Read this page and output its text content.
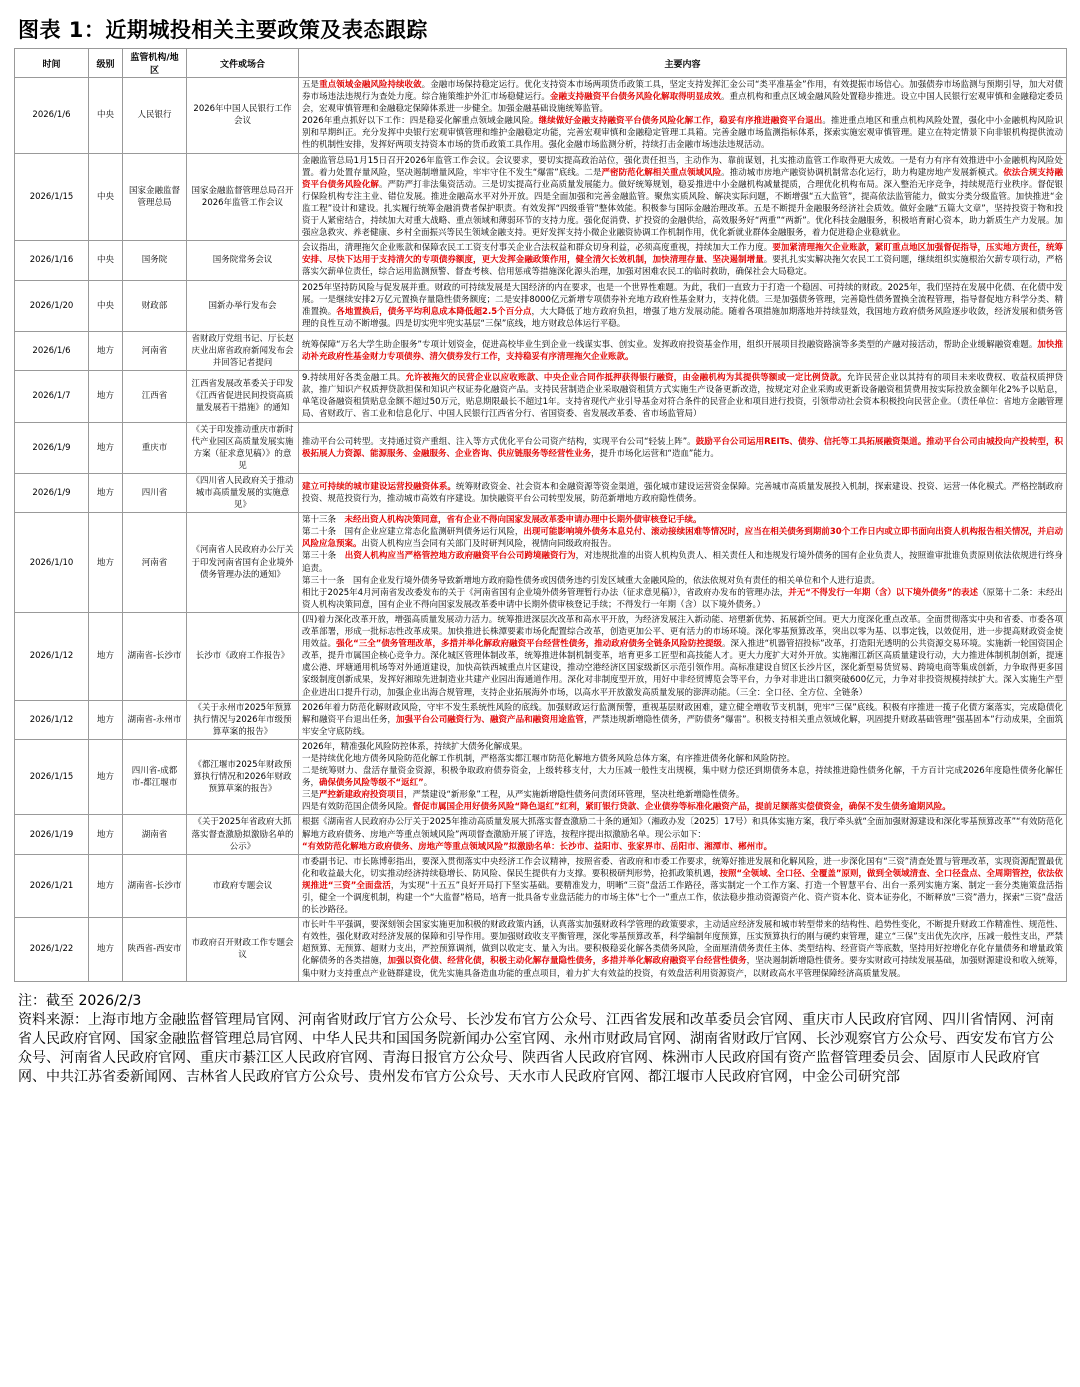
图表 1：近期城投相关主要政策及表态跟踪
时间	级别	监管机构/地区	文件或场合	主要内容
2026/1/6	中央	人民银行	2026年中国人民银行工作会议	五是重点领域金融风险持续收敛。金融市场保持稳定运行。优化支持资本市场两项货币政策工具，坚定支持发挥汇金公司“类平准基金”作用，有效提振市场信心。加强债券市场监测与预期引导，加大对债券市场违法违规行为查处力度。综合施策维护外汇市场稳健运行。金融支持融资平台债务风险化解取得明显成效。重点机构和重点区域金融风险处置稳步推进。设立中国人民银行宏观审慎和金融稳定委员会，宏观审慎管理和金融稳定保障体系进一步健全。加强金融基础设施统筹监管。
2026年重点抓好以下工作：四是稳妥化解重点领域金融风险。继续做好金融支持融资平台债务风险化解工作，稳妥有序推进融资平台退出。推进重点地区和重点机构风险处置，强化中小金融机构风险识别和早期纠正。充分发挥中央银行宏观审慎管理和维护金融稳定功能，完善宏观审慎和金融稳定管理工具箱。完善金融市场监测指标体系，探索实施宏观审慎管理。建立在特定情景下向非银机构提供流动性的机制性安排，发挥好两项支持资本市场的货币政策工具作用。强化金融市场监测分析，持续打击金融市场违法违规活动。
2026/1/15	中央	国家金融监督管理总局	国家金融监督管理总局召开2026年监管工作会议	金融监管总局1月15日召开2026年监管工作会议。会议要求，要切实提高政治站位，强化责任担当，主动作为、靠前谋划，扎实推动监管工作取得更大成效。一是有力有序有效推进中小金融机构风险处置。着力处置存量风险，坚决遏制增量风险，牢牢守住不发生“爆雷”底线。二是严密防范化解相关重点领域风险。推动城市房地产融资协调机制常态化运行，助力构建房地产发展新模式。依法合规支持融资平台债务风险化解。严防严打非法集资活动。三是切实提高行业高质量发展能力。做好统筹规划，稳妥推进中小金融机构减量提质，合理优化机构布局。深入整治无序竞争，持续规范行业秩序。督促银行保险机构专注主业、错位发展。推进金融高水平对外开放。四是全面加强和完善金融监管。聚焦实质风险、解决实际问题，不断增强“五大监管”，提高依法监管能力，做实分类分级监管。加快推进“金监工程”设计和建设。扎实履行统筹金融消费者保护职责。有效发挥“四级垂管”整体效能。积极参与国际金融治理改革。五是不断提升金融服务经济社会质效。做好金融“五篇大文章”，坚持投资于物和投资于人紧密结合，持续加大对重大战略、重点领域和薄弱环节的支持力度。强化促消费、扩投资的金融供给，高效服务好“两重”“两新”。优化科技金融服务，积极培育耐心资本，助力新质生产力发展。加强应急救灾、养老健康、乡村全面振兴等民生领域金融支持。更好发挥支持小微企业融资协调工作机制作用，优化新就业群体金融服务，着力促进稳企业稳就业。
2026/1/16	中央	国务院	国务院常务会议	会议指出，清理拖欠企业账款和保障农民工工资支付事关企业合法权益和群众切身利益，必须高度重视，持续加大工作力度。要加紧清理拖欠企业账款，紧盯重点地区加强督促指导，压实地方责任，统筹安排、尽快下达用于支持清欠的专项债券额度，更大发挥金融政策作用，健全清欠长效机制，加快清理存量、坚决遏制增量。要扎扎实实解决拖欠农民工工资问题，继续组织实施根治欠薪专项行动，严格落实欠薪单位责任，综合运用监测预警、督查考核、信用惩戒等措施深化源头治理，加强对困难农民工的临时救助，确保社会大局稳定。
2026/1/20	中央	财政部	国新办举行发布会	2025年坚持防风险与促发展并重。财政的可持续发展是大国经济的内在要求，也是一个世界性难题。为此，我们一直致力于打造一个稳固、可持续的财政。2025年，我们坚持在发展中化债、在化债中发展。一是继续安排2万亿元置换存量隐性债务额度；二是安排8000亿元新增专项债券补充地方政府性基金财力，支持化债。三是加强债务管理，完善隐性债务置换全流程管理，指导督促地方科学分类、精准置换。各地置换后，债务平均利息成本降低超2.5个百分点，大大降低了地方政府负担，增强了地方发展动能。随着各项措施加期落地并持续显效，我国地方政府债务风险逐步收敛，经济发展和债务管理的良性互动不断增强。四是切实兜牢兜实基层“三保”底线，地方财政总体运行平稳。
2026/1/6	地方	河南省	省财政厅党组书记、厅长赵庆业出席省政府新闻发布会并回答记者提问	统筹保障“万名大学生助企服务”专项计划资金，促进高校毕业生到企业一线谋实事、创实业。发挥政府投资基金作用，组织开展项目投融资路演等多类型的产融对接活动，帮助企业缓解融资难题。加快推动补充政府性基金财力专项债券、清欠债券发行工作，支持稳妥有序清理拖欠企业账款。
2026/1/7	地方	江西省	江西省发展改革委关于印发《江西省促进民间投资高质量发展若干措施》的通知	9.持续用好各类金融工具。允许被拖欠的民营企业以应收账款、中央企业合同作抵押获得银行融资，由金融机构为其提供等额或一定比例贷款。允许民营企业以其持有的项目未来收费权、收益权质押贷款，推广知识产权质押贷款担保和知识产权证券化融资产品。支持民营制造企业采取融资租赁方式实施生产设备更新改造，按规定对企业采购或更新设备融资租赁费用按实际投放金额年化2%予以贴息，单笔设备融资租赁贴息金额不超过50万元，贴息期限最长不超过1年。支持省现代产业引导基金对符合条件的民营企业和项目进行投资，引领带动社会资本积极投向民营企业。（责任单位：省地方金融管理局、省财政厅、省工业和信息化厅、中国人民银行江西省分行、省国资委、省发展改革委、省市场监管局）
2026/1/9	地方	重庆市	《关于印发推动重庆市新时代产业园区高质量发展实施方案（征求意见稿）》的意见	推动平台公司转型。支持通过资产重组、注入等方式优化平台公司资产结构，实现平台公司“轻装上阵”。鼓励平台公司运用REITs、债券、信托等工具拓展融资渠道。推动平台公司由城投向产投转型，积极拓展人力资源、能源服务、金融服务、企业咨询、供应链服务等经营性业务，提升市场化运营和“造血”能力。
2026/1/9	地方	四川省	《四川省人民政府关于推动城市高质量发展的实施意见》	建立可持续的城市建设运营投融资体系。统筹财政资金、社会资本和金融资源等资金渠道，强化城市建设运营资金保障。完善城市高质量发展投入机制，探索建设、投资、运营一体化模式。严格控制政府投资、规范投资行为，推动城市高效有序建设。加快融资平台公司转型发展，防范新增地方政府隐性债务。
2026/1/10	地方	河南省	《河南省人民政府办公厅关于印发河南省国有企业境外债务管理办法的通知》	第十三条　未经出资人机构决策同意，省有企业不得向国家发展改革委申请办理中长期外债审核登记手续。
第二十条　国有企业应建立常态化监测研判债务运行风险，出现可能影响境外债务本息兑付、滚动接续困难等情况时，应当在相关债务到期前30个工作日内或立即书面向出资人机构报告相关情况，并启动风险应急预案。出资人机构应当会同有关部门及时研判风险，视情向同级政府报告。
第三十条　出资人机构应当严格管控地方政府融资平台公司跨境融资行为，对违规批准的出资人机构负责人、相关责任人和违规发行境外债务的国有企业负责人，按照谁审批谁负责原则依法依规进行终身追责。
第三十一条　国有企业发行境外债务导致新增地方政府隐性债务或因债务违约引发区域重大金融风险的，依法依规对负有责任的相关单位和个人进行追责。
相比于2025年4月河南省发改委发布的关于《河南省国有企业境外债务管理暂行办法（征求意见稿）》，省政府办发布的管理办法，并无“不得发行一年期（含）以下境外债务”的表述（原第十二条：未经出资人机构决策同意，国有企业不得向国家发展改革委申请中长期外债审核登记手续；不得发行一年期（含）以下境外债务。）
2026/1/12	地方	湖南省-长沙市	长沙市《政府工作报告》	(四)着力深化改革开放，增强高质量发展动力活力。统筹推进深层次改革和高水平开放，为经济发展注入新动能、培塑新优势、拓展新空间。更大力度深化重点改革。全面贯彻落实中央和省委、市委各项改革部署，形成一批标志性改革成果。加快推进长株潭要素市场化配置综合改革，创造更加公平、更有活力的市场环境。深化零基预算改革，突出以零为基、以事定钱，以效促用，进一步提高财政资金使用效益。强化“三全”债务管理改革，多措并举化解政府融资平台经营性债务，推动政府债务全链条风险防控提级。深入推进“机器管招投标”改革，打造阳光透明的公共资源交易环境。实施新一轮国资国企改革，提升市属国企核心竞争力。深化城区管理体制改革，统筹推进体制机制变革，培育更多工匠型和高技能人才。更大力度扩大对外开放。实施湘江新区高质量建设行动，大力推进体制机制创新，提速虞公港、坪塘通用机场等对外通道建设，加快高铁西城重点片区建设，推动空港经济区国家级新区示范引领作用。高标准建设自贸区长沙片区，深化新型易货贸易、跨境电商等集成创新，力争取得更多国家级制度创新成果，发挥好湘琼先进制造业共建产业园出海通道作用。深化对非制度型开放，用好中非经贸博览会等平台，力争对非进出口额突破600亿元，力争对非投资规模持续扩大。深入实施生产型企业进出口提升行动，加强企业出海合规管理，支持企业拓展海外市场，以高水平开放激发高质量发展的澎湃动能。（三全：全口径、全方位、全链条）
2026/1/12	地方	湖南省-永州市	《关于永州市2025年预算执行情况与2026年市级预算草案的报告》	2026年着力防范化解财政风险，守牢不发生系统性风险的底线。加强财政运行监测预警，重视基层财政困难，建立健全增收节支机制，兜牢“三保”底线。积极有序推进一揽子化债方案落实，完成隐债化解和融资平台退出任务，加强平台公司融资行为、融资产品和融资用途监管，严禁违规新增隐性债务，严防债务“爆雷”。积极支持相关重点领域化解，巩固提升财政基础管理“强基固本”行动成果，全面筑牢安全守底防线。
2026/1/15	地方	四川省-成都市-都江堰市	《都江堰市2025年财政预算执行情况和2026年财政预算草案的报告》	2026年，精准强化风险防控体系，持续扩大债务化解成果。
一是持续优化地方债务风险防范化解工作机制，严格落实都江堰市防范化解地方债务风险总体方案，有序推进债务化解和风险防控。
二是统筹财力、盘活存量资金资源，积极争取政府债券资金，上级转移支付，大力压减一般性支出规模，集中财力偿还到期债务本息，持续推进隐性债务化解，千方百计完成2026年度隐性债务化解任务，确保债务风险等级不“返红”。
三是严控新建政府投资项目，严禁建设“新形象”工程，从严实施新增隐性债务问责闭环管理，坚决杜绝新增隐性债务。
四是有效防范国企债务风险。督促市属国企用好债务风险“降色退红”红利，紧盯银行贷款、企业债券等标准化融资产品，提前足额落实偿债资金，确保不发生债务逾期风险。
2026/1/19	地方	湖南省	《关于2025年省政府大抓落实督查激励拟激励名单的公示》	根据《湖南省人民政府办公厅关于2025年推动高质量发展大抓落实督查激励二十条的通知》（湘政办发〔2025〕17号）和具体实施方案，我厅牵头就“全面加强财源建设和深化零基预算改革”“有效防范化解地方政府债务、房地产等重点领域风险”两项督查激励开展了评选，按程序提出拟激励名单。现公示如下：
“有效防范化解地方政府债务、房地产等重点领域风险”拟激励名单：长沙市、益阳市、张家界市、岳阳市、湘潭市、郴州市。
2026/1/21	地方	湖南省-长沙市	市政府专题会议	市委副书记、市长陈博彰指出，要深入贯彻落实中央经济工作会议精神，按照省委、省政府和市委工作要求，统筹好推进发展和化解风险，进一步深化国有“三资”清查处置与管理改革，实现资源配置最优化和收益最大化，切实推动经济持续稳增长、防风险、保民生提供有力支撑。要积极研判形势，抢抓政策机遇，按照“全领域、全口径、全覆盖”原则，做到全领域清查、全口径盘点、全周期管控，依法依规推进“三资”全面盘活，为实现“十五五”良好开局打下坚实基础。要精准发力，明晰“三资”盘活工作路径，落实制定一个工作方案、打造一个智慧平台、出台一系列实施方案、制定一套分类施策盘活指引，健全一个调度机制，构建一个“大监督”格局，培育一批具备专业盘活能力的市场主体“七个一”重点工作，依法稳步推动资源资产化、资产资本化、资本证券化，不断释放“三资”潜力，探索“三资”盘活的长沙路径。
2026/1/22	地方	陕西省-西安市	市政府召开财政工作专题会议	市长叶牛平强调，要深刻领会国家实施更加积极的财政政策内涵，认真落实加强财政科学管理的政策要求，主动适应经济发展和城市转型带来的结构性、趋势性变化，不断提升财政工作精准性、规范性、有效性，强化财政对经济发展的保障和引导作用。要加强财政收支平衡管理，深化零基预算改革，科学编制年度预算，压实预算执行的刚与硬约束管理，建立“三保”支出优先次序，压减一般性支出，严禁超预算、无预算、超财力支出，严控预算调剂，做到以收定支、量入为出。要积极稳妥化解各类债务风险，全面厘清债务责任主体、类型结构、经营资产等底数，坚持用好控增化存化存量债务和增量政策化解债务的各类措施，加强以资化债、经营化债，积极主动化解存量隐性债务，多措并举化解政府融资平台经营性债务，坚决遏制新增隐性债务。要夯实财政可持续发展基础，加强财源建设和收入统筹，集中财力支持重点产业链群建设，优先实施具备造血功能的重点项目，着力扩大有效益的投资，有效盘活利用资源资产，以财政高水平管理保障经济高质量发展。

注：截至 2026/2/3

资料来源：上海市地方金融监督管理局官网、河南省财政厅官方公众号、长沙发布官方公众号、江西省发展和改革委员会官网、重庆市人民政府官网、四川省情网、河南省人民政府官网、国家金融监督管理总局官网、中华人民共和国国务院新闻办公室官网、永州市财政局官网、湖南省财政厅官网、长沙观察官方公众号、西安发布官方公众号、河南省人民政府官网、重庆市綦江区人民政府官网、青海日报官方公众号、陕西省人民政府官网、株洲市人民政府国有资产监督管理委员会、固原市人民政府官网、中共江苏省委新闻网、吉林省人民政府官方公众号、贵州发布官方公众号、天水市人民政府官网、都江堰市人民政府官网，中金公司研究部
